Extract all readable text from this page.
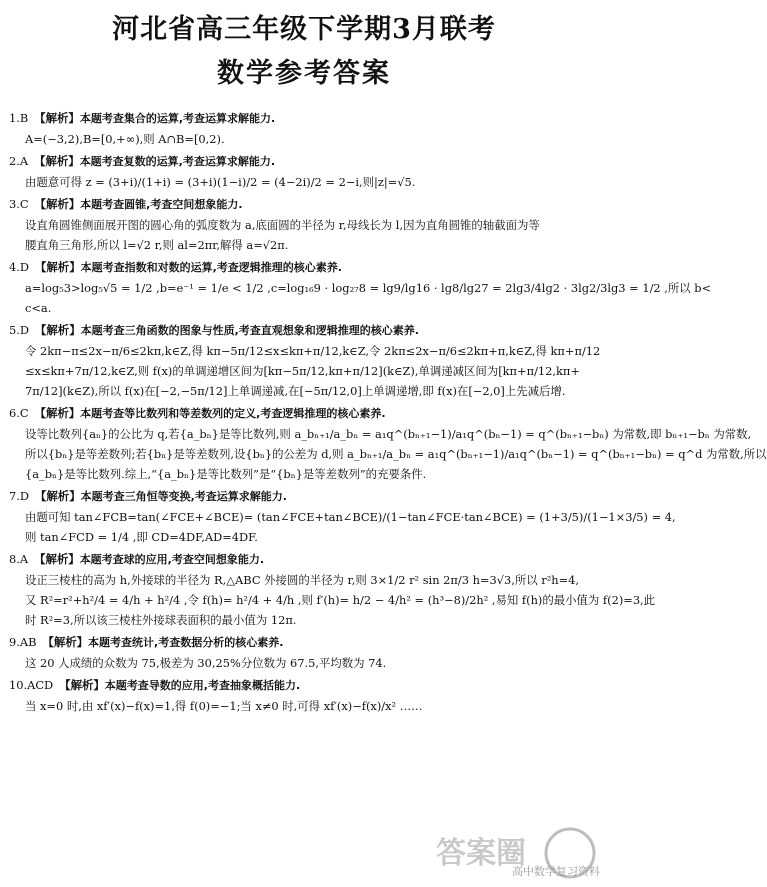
河北省高三年级下学期3月联考
数学参考答案
1.B 【解析】本题考查集合的运算,考查运算求解能力.
A=(−3,2),B=[0,+∞),则 A∩B=[0,2).
2.A 【解析】本题考查复数的运算,考查运算求解能力.
由题意可得 z = (3+i)/(1+i) = (3+i)(1−i)/2 = (4−2i)/2 = 2−i,则|z|=√5.
3.C 【解析】本题考查圆锥,考查空间想象能力.
设直角圆锥侧面展开图的圆心角的弧度数为 a,底面圆的半径为 r,母线长为 l,因为直角圆锥的轴截面为等
腰直角三角形,所以 l=√2 r,则 al=2πr,解得 a=√2π.
4.D 【解析】本题考查指数和对数的运算,考查逻辑推理的核心素养.
a=log₅3>log₅√5 = 1/2 ,b=e⁻¹ = 1/e < 1/2 ,c=log₁₆9 · log₂₇8 = lg9/lg16 · lg8/lg27 = 2lg3/4lg2 · 3lg2/3lg3 = 1/2 ,所以 b<
c<a.
5.D 【解析】本题考查三角函数的图象与性质,考查直观想象和逻辑推理的核心素养.
令 2kπ−π≤2x−π/6≤2kπ,k∈Z,得 kπ−5π/12≤x≤kπ+π/12,k∈Z,令 2kπ≤2x−π/6≤2kπ+π,k∈Z,得 kπ+π/12
≤x≤kπ+7π/12,k∈Z,则 f(x)的单调递增区间为[kπ−5π/12,kπ+π/12](k∈Z),单调递减区间为[kπ+π/12,kπ+
7π/12](k∈Z),所以 f(x)在[−2,−5π/12]上单调递减,在[−5π/12,0]上单调递增,即 f(x)在[−2,0]上先减后增.
6.C 【解析】本题考查等比数列和等差数列的定义,考查逻辑推理的核心素养.
设等比数列{aₙ}的公比为 q,若{a_bₙ}是等比数列,则 a_bₙ₊₁/a_bₙ = a₁q^(bₙ₊₁−1)/a₁q^(bₙ−1) = q^(bₙ₊₁−bₙ) 为常数,即 bₙ₊₁−bₙ 为常数,
所以{bₙ}是等差数列;若{bₙ}是等差数列,设{bₙ}的公差为 d,则 a_bₙ₊₁/a_bₙ = a₁q^(bₙ₊₁−1)/a₁q^(bₙ−1) = q^(bₙ₊₁−bₙ) = q^d 为常数,所以
{a_bₙ}是等比数列.综上,“{a_bₙ}是等比数列”是“{bₙ}是等差数列”的充要条件.
7.D 【解析】本题考查三角恒等变换,考查运算求解能力.
由题可知 tan∠FCB=tan(∠FCE+∠BCE)= (tan∠FCE+tan∠BCE)/(1−tan∠FCE·tan∠BCE) = (1+3/5)/(1−1×3/5) = 4,
则 tan∠FCD = 1/4 ,即 CD=4DF,AD=4DF.
8.A 【解析】本题考查球的应用,考查空间想象能力.
设正三棱柱的高为 h,外接球的半径为 R,△ABC 外接圆的半径为 r,则 3×1/2 r² sin 2π/3 h=3√3,所以 r²h=4,
又 R²=r²+h²/4 = 4/h + h²/4 ,令 f(h)= h²/4 + 4/h ,则 f′(h)= h/2 − 4/h² = (h³−8)/2h² ,易知 f(h)的最小值为 f(2)=3,此
时 R²=3,所以该三棱柱外接球表面积的最小值为 12π.
9.AB 【解析】本题考查统计,考查数据分析的核心素养.
这 20 人成绩的众数为 75,极差为 30,25%分位数为 67.5,平均数为 74.
10.ACD 【解析】本题考查导数的应用,考查抽象概括能力.
当 x=0 时,由 xf′(x)−f(x)=1,得 f(0)=−1;当 x≠0 时,可得 xf′(x)−f(x)/x² ……
答案圈
高中数学复习资料
